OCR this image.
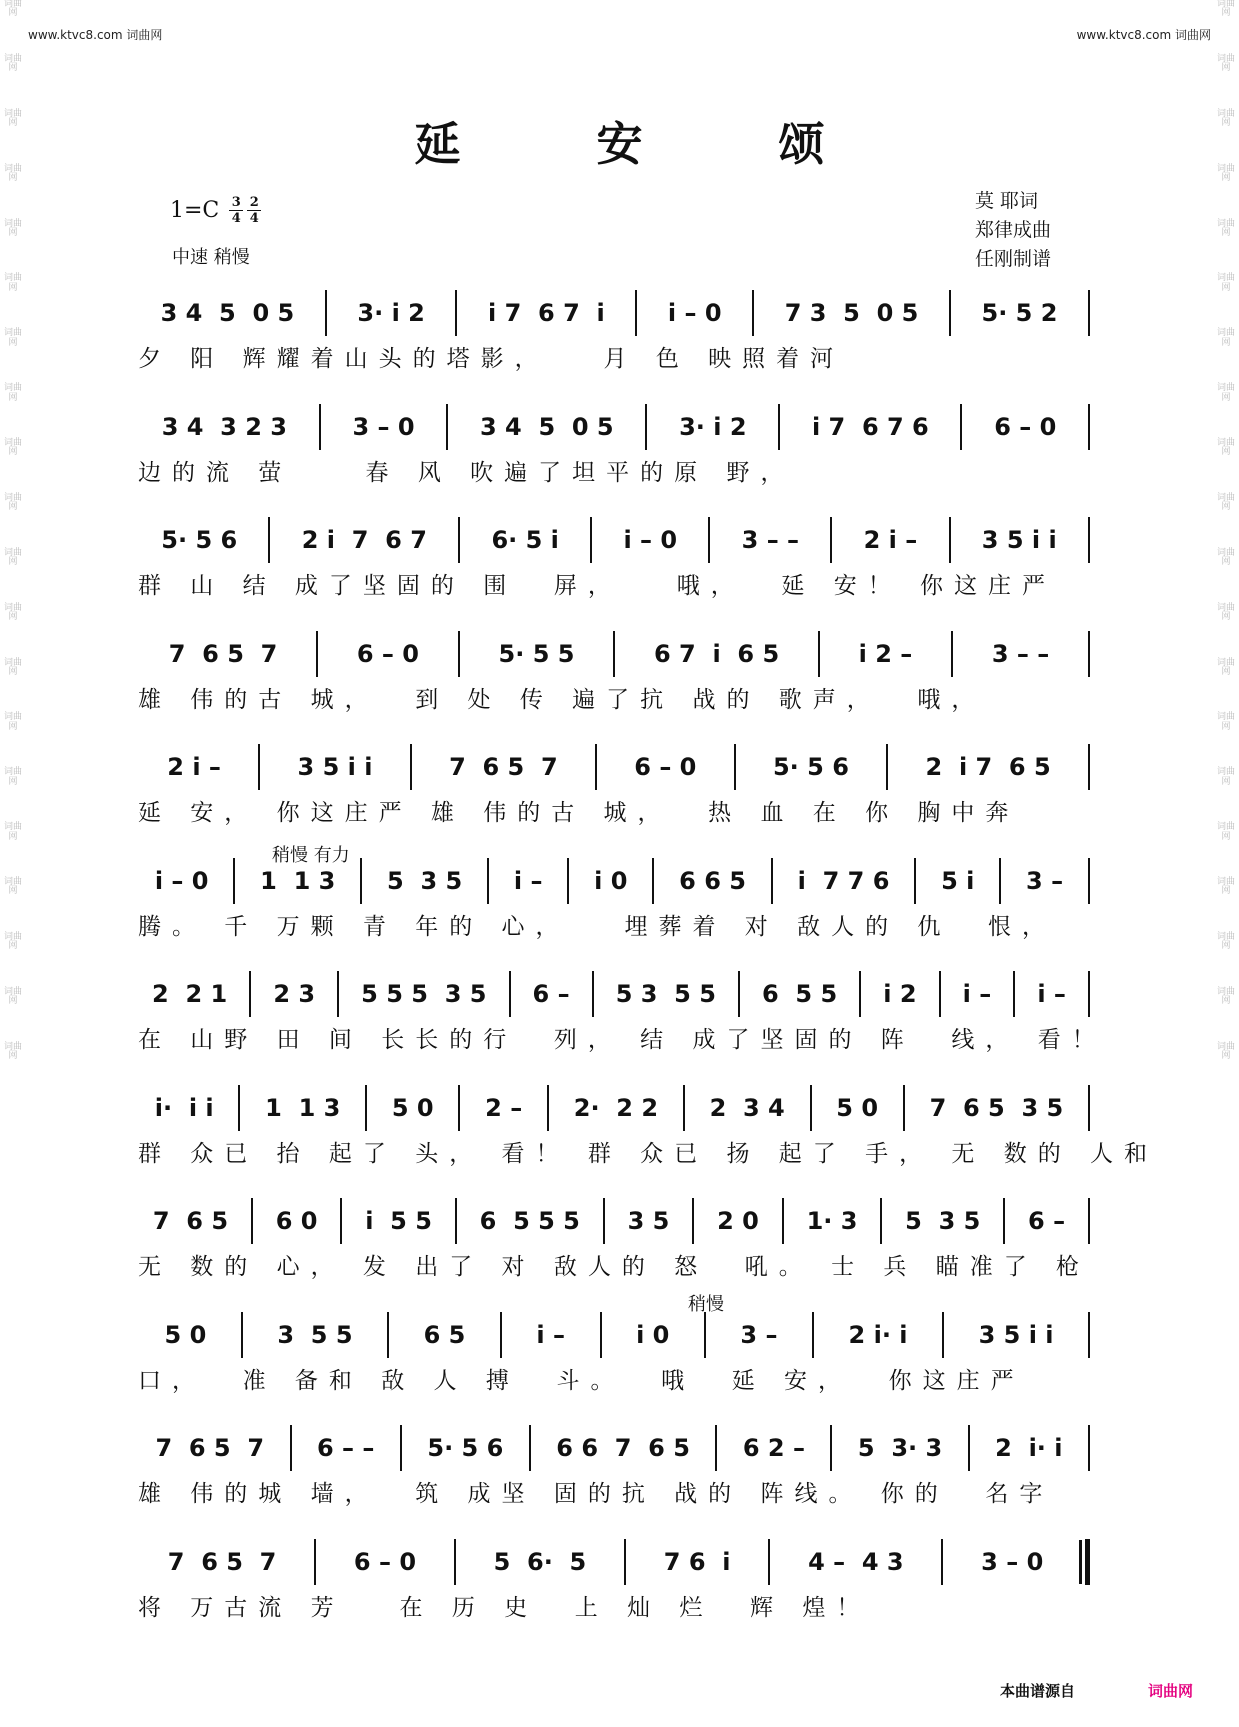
词曲网
词曲网
词曲网
词曲网
词曲网
词曲网
词曲网
词曲网
词曲网
词曲网
词曲网
词曲网
词曲网
词曲网
词曲网
词曲网
词曲网
词曲网
词曲网
词曲网
词曲网
词曲网
词曲网
词曲网
词曲网
词曲网
词曲网
词曲网
词曲网
词曲网
词曲网
词曲网
词曲网
词曲网
词曲网
词曲网
词曲网
词曲网
词曲网
词曲网
www.ktvc8.com 词曲网	www.ktvc8.com 词曲网
延 安 颂
$1=C \frac{3}{4} \frac{2}{4}$
中速 稍慢
莫 耶词
郑律成曲
任刚制谱
3 4  5  0 5	3· i 2	i 7  6 7  i	i – 0	7 3  5  0 5	5· 5 2
夕 阳 辉耀着山头的塔影，   月 色 映照着河
3 4  3 2 3	3 – 0	3 4  5  0 5	3· i 2	i 7  6 7 6	6 – 0
边的流 萤    春 风 吹遍了坦平的原 野，
5· 5 6	2 i  7  6 7	6· 5 i	i – 0	3 – –	2 i –	3 5 i i
群 山 结 成了坚固的 围  屏，   哦，  延 安！ 你这庄严
7  6 5  7	6 – 0	5· 5 5	6 7  i  6 5	i 2 –	3 – –
雄 伟的古 城，  到 处 传 遍了抗 战的 歌声，  哦，
2 i –	3 5 i i	7  6 5  7	6 – 0	5· 5 6	2  i 7  6 5
延 安， 你这庄严 雄 伟的古 城，  热 血 在 你 胸中奔
i – 0	1  1 3	5  3 5	i –	i 0	6 6 5	i  7 7 6	5 i	3 –
腾。 千 万颗 青 年的 心，   埋葬着 对 敌人的 仇  恨，
2  2 1	2 3	5 5 5  3 5	6 –	5 3  5 5	6  5 5	i 2	i –	i –
在 山野 田 间 长长的行  列， 结 成了坚固的 阵  线， 看！
i·  i i	1  1 3	5 0	2 –	2·  2 2	2  3 4	5 0	7  6 5  3 5
群 众已 抬 起了 头， 看！ 群 众已 扬 起了 手， 无 数的 人和
7  6 5	6 0	i  5 5	6  5 5 5	3 5	2 0	1· 3	5  3 5	6 –
无 数的 心， 发 出了 对 敌人的 怒  吼。 士 兵 瞄准了 枪
5 0	3  5 5	6 5	i –	i 0	3 –	2 i· i	3 5 i i
口，  准 备和 敌 人 搏  斗。  哦  延 安，  你这庄严
7  6 5  7	6 – –	5· 5 6	6 6  7  6 5	6 2 –	5  3· 3	2  i· i
雄 伟的城 墙，  筑 成坚 固的抗 战的 阵线。 你的  名字
7  6 5  7	6 – 0	5  6·  5	7 6  i	4 –  4 3	3 – 0
将 万古流 芳   在 历 史  上 灿 烂  辉 煌！
稍慢 有力
稍慢
本曲谱源自	词曲网
